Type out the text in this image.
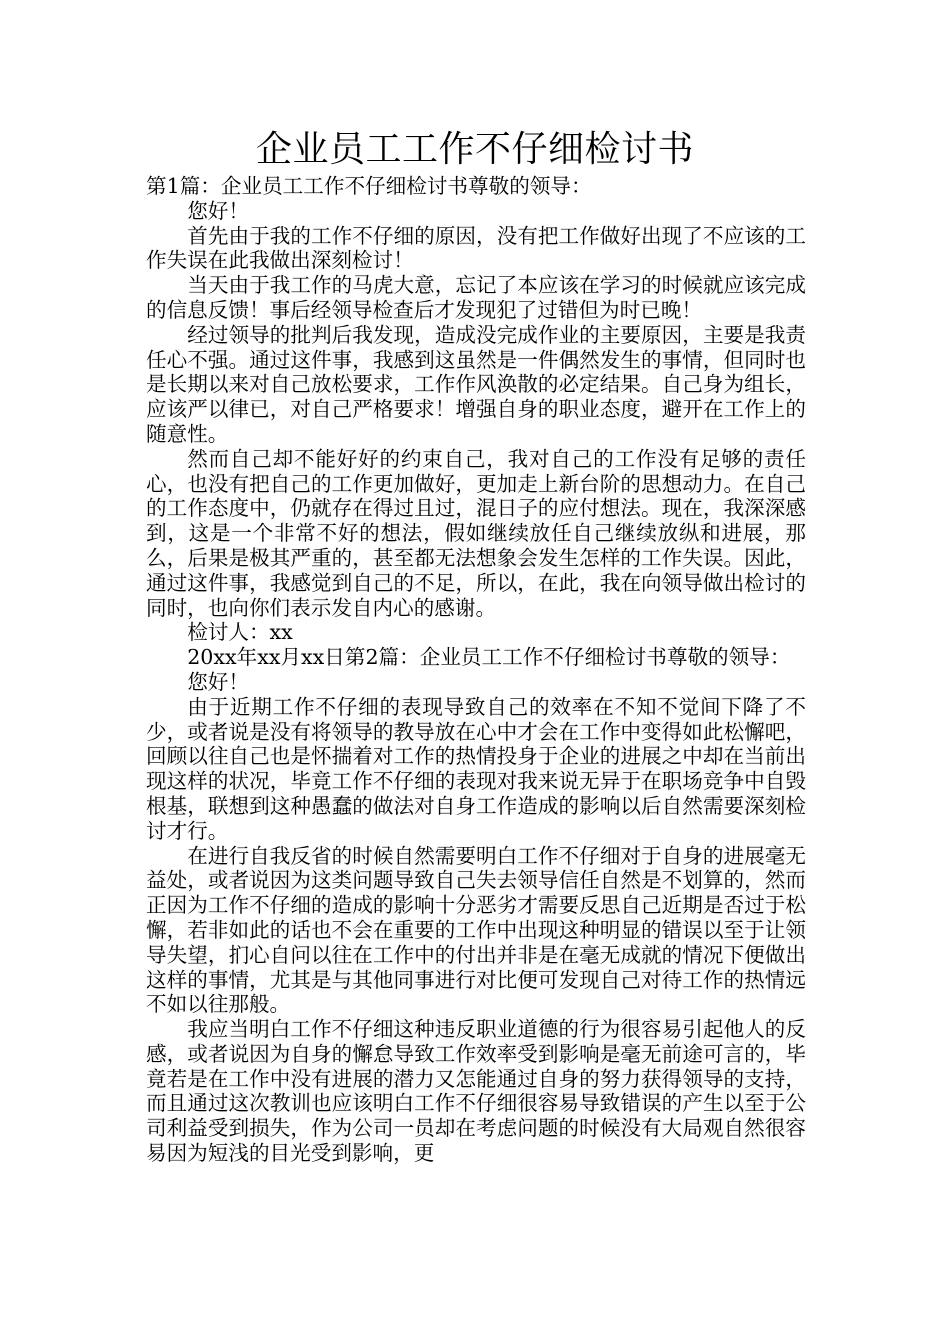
企业员工工作不仔细检讨书

第1篇：企业员工工作不仔细检讨书尊敬的领导：

您好！

首先由于我的工作不仔细的原因，没有把工作做好出现了不应该的工作失误在此我做出深刻检讨！

当天由于我工作的马虎大意，忘记了本应该在学习的时候就应该完成的信息反馈！事后经领导检查后才发现犯了过错但为时已晚！

经过领导的批判后我发现，造成没完成作业的主要原因，主要是我责任心不强。通过这件事，我感到这虽然是一件偶然发生的事情，但同时也是长期以来对自己放松要求，工作作风涣散的必定结果。自己身为组长，应该严以律已，对自己严格要求！增强自身的职业态度，避开在工作上的随意性。

然而自己却不能好好的约束自己，我对自己的工作没有足够的责任心，也没有把自己的工作更加做好，更加走上新台阶的思想动力。在自己的工作态度中，仍就存在得过且过，混日子的应付想法。现在，我深深感到，这是一个非常不好的想法，假如继续放任自己继续放纵和进展，那么，后果是极其严重的，甚至都无法想象会发生怎样的工作失误。因此，通过这件事，我感觉到自己的不足，所以，在此，我在向领导做出检讨的同时，也向你们表示发自内心的感谢。

检讨人：xx

20xx年xx月xx日第2篇：企业员工工作不仔细检讨书尊敬的领导：

您好！

由于近期工作不仔细的表现导致自己的效率在不知不觉间下降了不少，或者说是没有将领导的教导放在心中才会在工作中变得如此松懈吧，回顾以往自己也是怀揣着对工作的热情投身于企业的进展之中却在当前出现这样的状况，毕竟工作不仔细的表现对我来说无异于在职场竞争中自毁根基，联想到这种愚蠢的做法对自身工作造成的影响以后自然需要深刻检讨才行。

在进行自我反省的时候自然需要明白工作不仔细对于自身的进展毫无益处，或者说因为这类问题导致自己失去领导信任自然是不划算的，然而正因为工作不仔细的造成的影响十分恶劣才需要反思自己近期是否过于松懈，若非如此的话也不会在重要的工作中出现这种明显的错误以至于让领导失望，扪心自问以往在工作中的付出并非是在毫无成就的情况下便做出这样的事情，尤其是与其他同事进行对比便可发现自己对待工作的热情远不如以往那般。

我应当明白工作不仔细这种违反职业道德的行为很容易引起他人的反感，或者说因为自身的懈怠导致工作效率受到影响是毫无前途可言的，毕竟若是在工作中没有进展的潜力又怎能通过自身的努力获得领导的支持，而且通过这次教训也应该明白工作不仔细很容易导致错误的产生以至于公司利益受到损失，作为公司一员却在考虑问题的时候没有大局观自然很容易因为短浅的目光受到影响，更
